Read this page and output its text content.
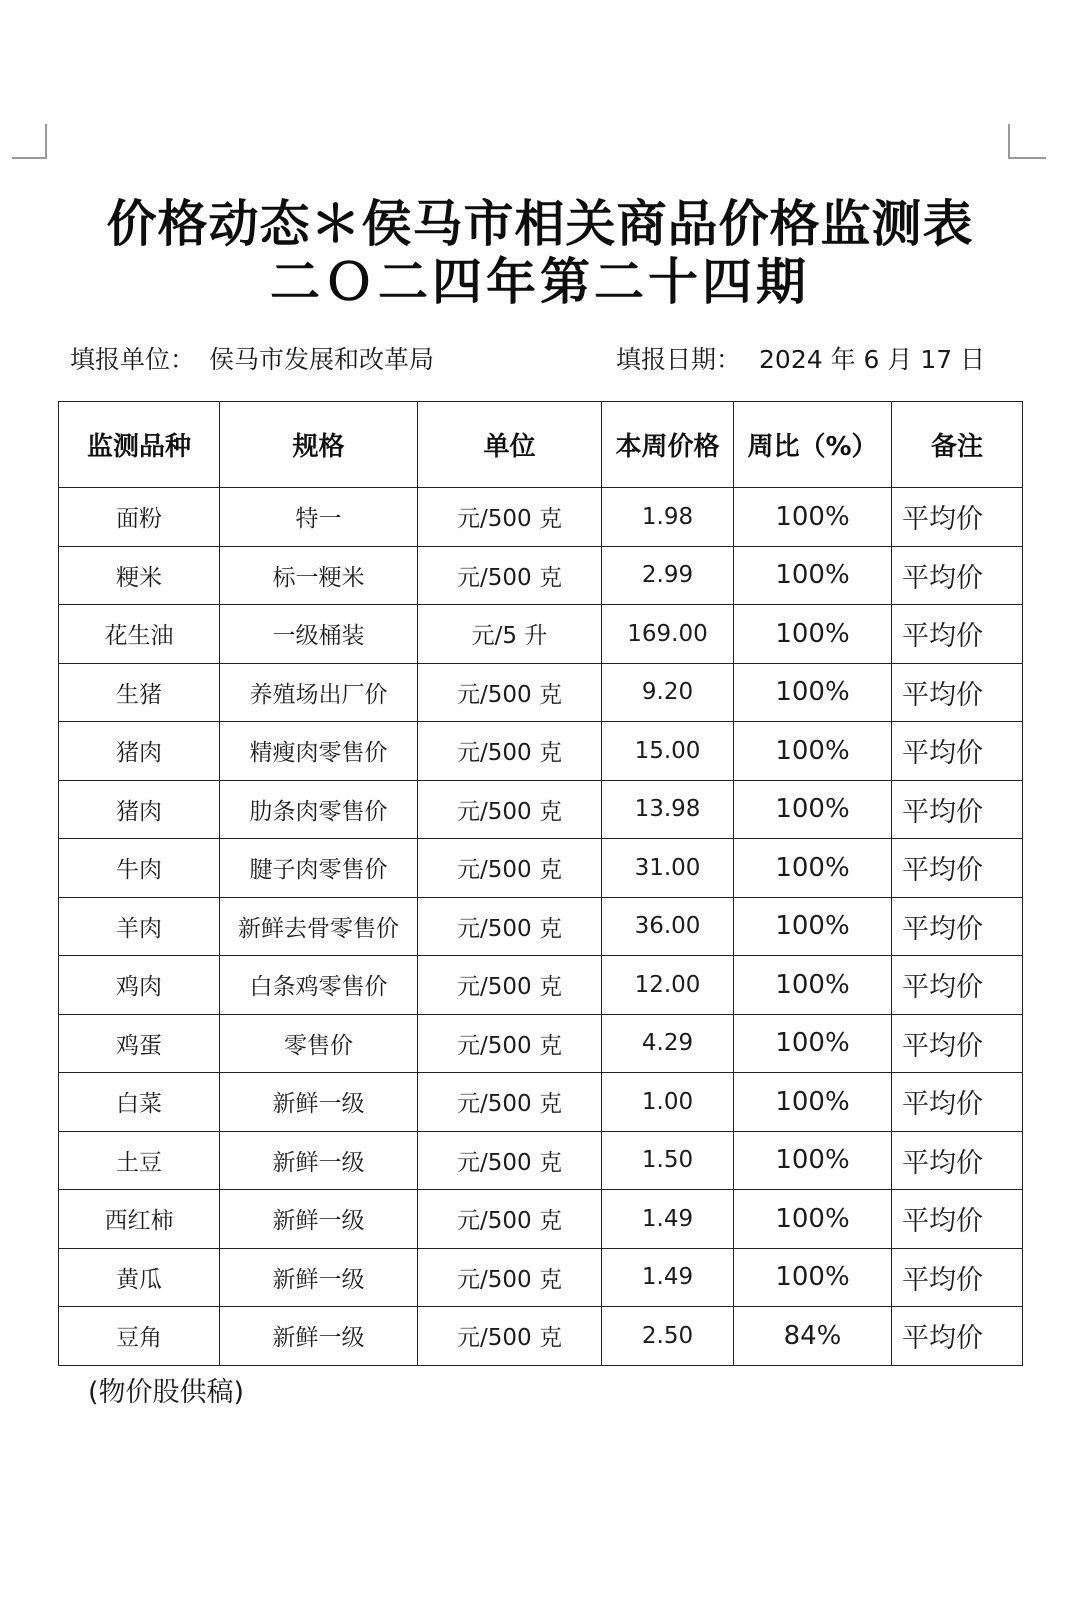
价格动态＊侯马市相关商品价格监测表
二Ｏ二四年第二十四期
填报单位： 侯马市发展和改革局	填报日期： 2024 年 6 月 17 日
监测品种	规格	单位	本周价格	周比（%）	备注
面粉	特一	元/500 克	1.98	100%	平均价
粳米	标一粳米	元/500 克	2.99	100%	平均价
花生油	一级桶装	元/5 升	169.00	100%	平均价
生猪	养殖场出厂价	元/500 克	9.20	100%	平均价
猪肉	精瘦肉零售价	元/500 克	15.00	100%	平均价
猪肉	肋条肉零售价	元/500 克	13.98	100%	平均价
牛肉	腱子肉零售价	元/500 克	31.00	100%	平均价
羊肉	新鲜去骨零售价	元/500 克	36.00	100%	平均价
鸡肉	白条鸡零售价	元/500 克	12.00	100%	平均价
鸡蛋	零售价	元/500 克	4.29	100%	平均价
白菜	新鲜一级	元/500 克	1.00	100%	平均价
土豆	新鲜一级	元/500 克	1.50	100%	平均价
西红柿	新鲜一级	元/500 克	1.49	100%	平均价
黄瓜	新鲜一级	元/500 克	1.49	100%	平均价
豆角	新鲜一级	元/500 克	2.50	84%	平均价
(物价股供稿)
